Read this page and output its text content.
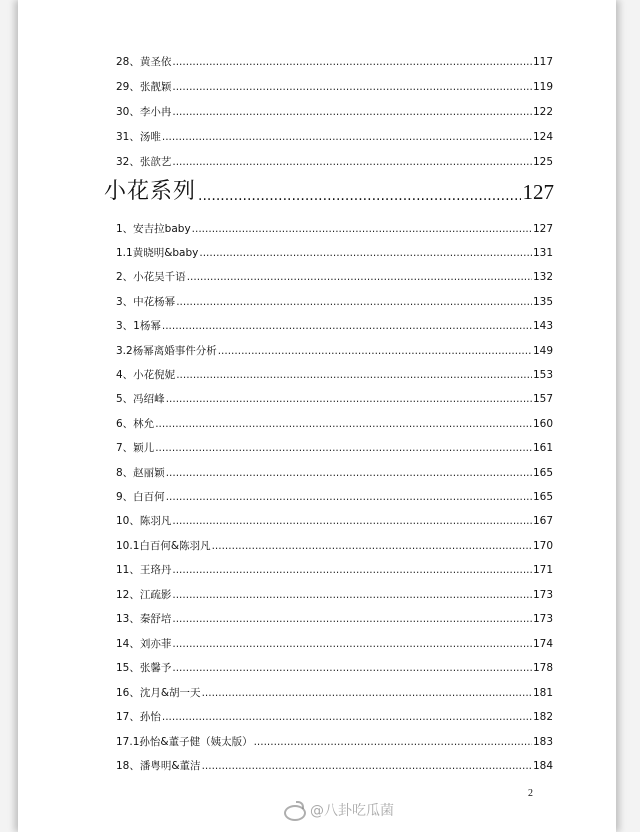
28、黄圣依 .....	117
29、张靓颖 .....	119
30、李小冉 .....	122
31、汤唯 .....	124
32、张歆艺 .....	125
小花系列 .....	127
1、安吉拉baby .....	127
1.1黄晓明&baby .....	131
2、小花吴千语 .....	132
3、中花杨幂 .....	135
3、1杨幂 .....	143
3.2杨幂离婚事件分析 .....	149
4、小花倪妮 .....	153
5、冯绍峰 .....	157
6、林允 .....	160
7、颖儿 .....	161
8、赵丽颖 .....	165
9、白百何 .....	165
10、陈羽凡 .....	167
10.1白百何&陈羽凡 .....	170
11、王珞丹 .....	171
12、江疏影 .....	173
13、秦舒培 .....	173
14、刘亦菲 .....	174
15、张馨予 .....	178
16、沈月&胡一天 .....	181
17、孙怡 .....	182
17.1孙怡&董子健（姨太版） .....	183
18、潘粤明&董洁 .....	184
2
@八卦吃瓜菌
